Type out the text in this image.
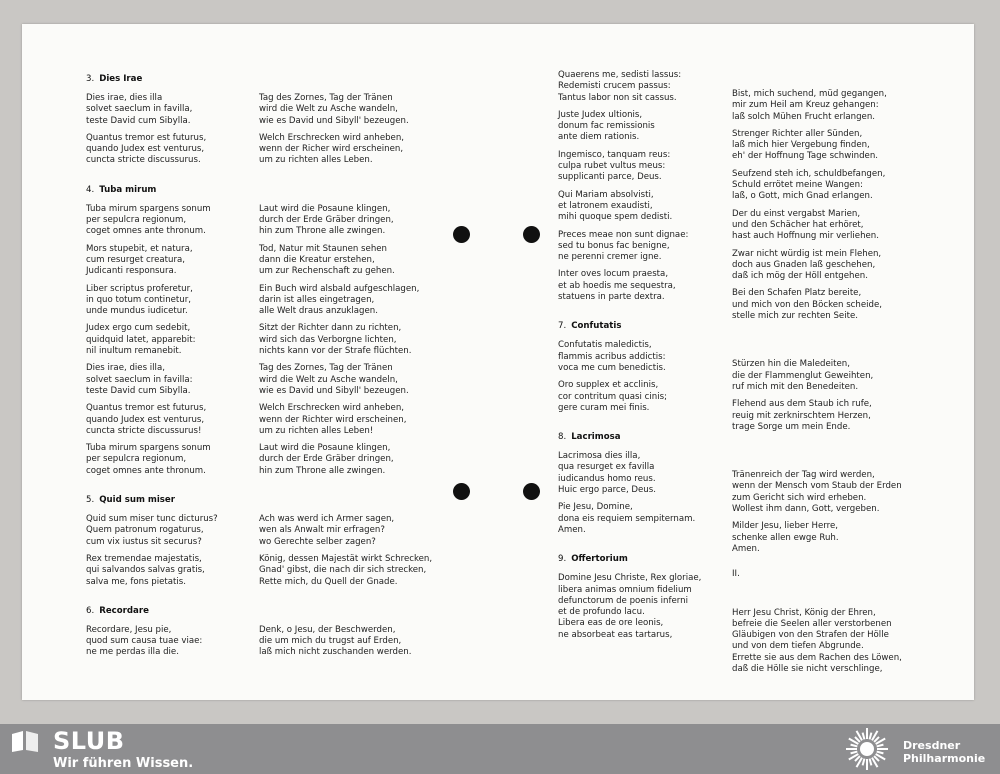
3. Dies Irae

Dies irae, dies illa
solvet saeclum in favilla,
teste David cum Sibylla.

Quantus tremor est futurus,
quando Judex est venturus,
cuncta stricte discussurus.

4. Tuba mirum

Tuba mirum spargens sonum
per sepulcra regionum,
coget omnes ante thronum.

Mors stupebit, et natura,
cum resurget creatura,
Judicanti responsura.

Liber scriptus proferetur,
in quo totum continetur,
unde mundus iudicetur.

Judex ergo cum sedebit,
quidquid latet, apparebit:
nil inultum remanebit.

Dies irae, dies illa,
solvet saeclum in favilla:
teste David cum Sibylla.

Quantus tremor est futurus,
quando Judex est venturus,
cuncta stricte discussurus!

Tuba mirum spargens sonum
per sepulcra regionum,
coget omnes ante thronum.

5. Quid sum miser

Quid sum miser tunc dicturus?
Quem patronum rogaturus,
cum vix iustus sit securus?

Rex tremendae majestatis,
qui salvandos salvas gratis,
salva me, fons pietatis.

6. Recordare

Recordare, Jesu pie,
quod sum causa tuae viae:
ne me perdas illa die.

Tag des Zornes, Tag der Tränen
wird die Welt zu Asche wandeln,
wie es David und Sibyll' bezeugen.

Welch Erschrecken wird anheben,
wenn der Richer wird erscheinen,
um zu richten alles Leben.

Laut wird die Posaune klingen,
durch der Erde Gräber dringen,
hin zum Throne alle zwingen.

Tod, Natur mit Staunen sehen
dann die Kreatur erstehen,
um zur Rechenschaft zu gehen.

Ein Buch wird alsbald aufgeschlagen,
darin ist alles eingetragen,
alle Welt draus anzuklagen.

Sitzt der Richter dann zu richten,
wird sich das Verborgne lichten,
nichts kann vor der Strafe flüchten.

Tag des Zornes, Tag der Tränen
wird die Welt zu Asche wandeln,
wie es David und Sibyll' bezeugen.

Welch Erschrecken wird anheben,
wenn der Richter wird erscheinen,
um zu richten alles Leben!

Laut wird die Posaune klingen,
durch der Erde Gräber dringen,
hin zum Throne alle zwingen.

Ach was werd ich Armer sagen,
wen als Anwalt mir erfragen?
wo Gerechte selber zagen?

König, dessen Majestät wirkt Schrecken,
Gnad' gibst, die nach dir sich strecken,
Rette mich, du Quell der Gnade.

Denk, o Jesu, der Beschwerden,
die um mich du trugst auf Erden,
laß mich nicht zuschanden werden.

Quaerens me, sedisti lassus:
Redemisti crucem passus:
Tantus labor non sit cassus.

Juste Judex ultionis,
donum fac remissionis
ante diem rationis.

Ingemisco, tanquam reus:
culpa rubet vultus meus:
supplicanti parce, Deus.

Qui Mariam absolvisti,
et latronem exaudisti,
mihi quoque spem dedisti.

Preces meae non sunt dignae:
sed tu bonus fac benigne,
ne perenni cremer igne.

Inter oves locum praesta,
et ab hoedis me sequestra,
statuens in parte dextra.

7. Confutatis

Confutatis maledictis,
flammis acribus addictis:
voca me cum benedictis.

Oro supplex et acclinis,
cor contritum quasi cinis;
gere curam mei finis.

8. Lacrimosa

Lacrimosa dies illa,
qua resurget ex favilla
iudicandus homo reus.
Huic ergo parce, Deus.

Pie Jesu, Domine,
dona eis requiem sempiternam.
Amen.

9. Offertorium

Domine Jesu Christe, Rex gloriae,
libera animas omnium fidelium
defunctorum de poenis inferni
et de profundo lacu.
Libera eas de ore leonis,
ne absorbeat eas tartarus,

Bist, mich suchend, müd gegangen,
mir zum Heil am Kreuz gehangen:
laß solch Mühen Frucht erlangen.

Strenger Richter aller Sünden,
laß mich hier Vergebung finden,
eh' der Hoffnung Tage schwinden.

Seufzend steh ich, schuldbefangen,
Schuld errötet meine Wangen:
laß, o Gott, mich Gnad erlangen.

Der du einst vergabst Marien,
und den Schächer hat erhöret,
hast auch Hoffnung mir verliehen.

Zwar nicht würdig ist mein Flehen,
doch aus Gnaden laß geschehen,
daß ich mög der Höll entgehen.

Bei den Schafen Platz bereite,
und mich von den Böcken scheide,
stelle mich zur rechten Seite.

Stürzen hin die Maledeiten,
die der Flammenglut Geweihten,
ruf mich mit den Benedeiten.

Flehend aus dem Staub ich rufe,
reuig mit zerknirschtem Herzen,
trage Sorge um mein Ende.

Tränenreich der Tag wird werden,
wenn der Mensch vom Staub der Erden
zum Gericht sich wird erheben.
Wollest ihm dann, Gott, vergeben.

Milder Jesu, lieber Herre,
schenke allen ewge Ruh.
Amen.

II.

Herr Jesu Christ, König der Ehren,
befreie die Seelen aller verstorbenen
Gläubigen von den Strafen der Hölle
und von dem tiefen Abgrunde.
Errette sie aus dem Rachen des Löwen,
daß die Hölle sie nicht verschlinge,

SLUB
Wir führen Wissen.
Dresdner
Philharmonie
